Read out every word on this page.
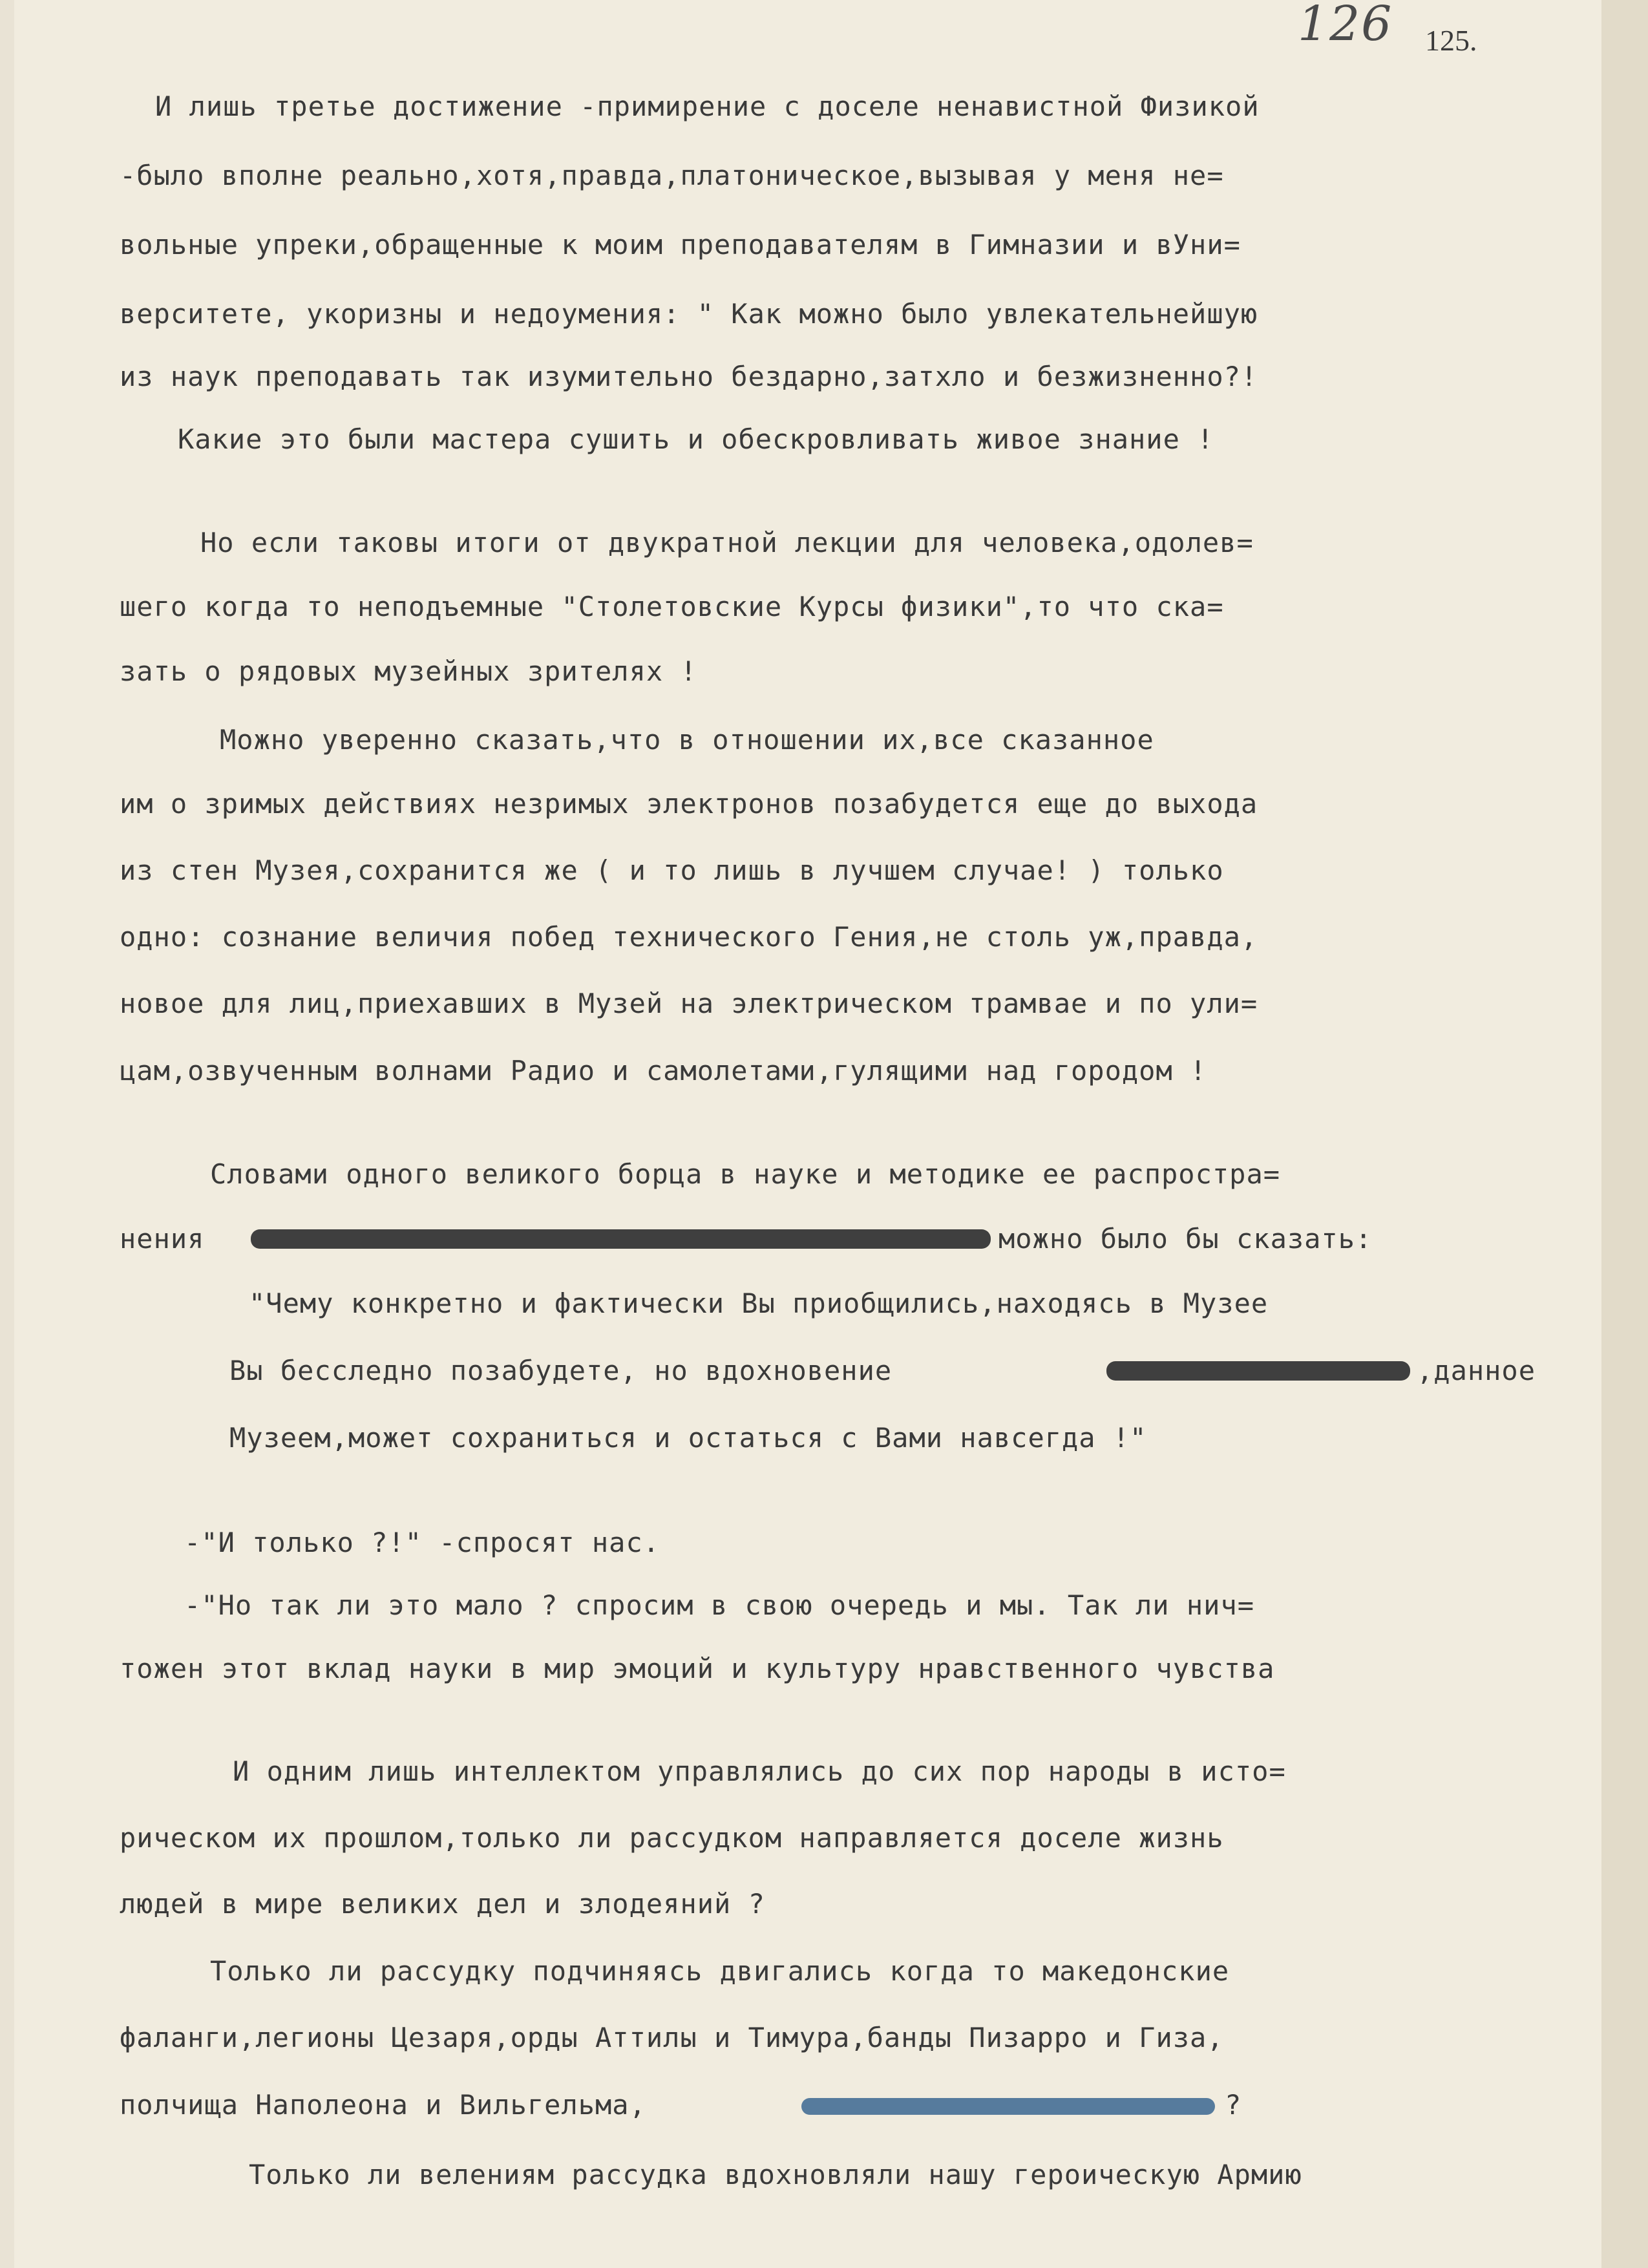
126 125.
И лишь третье достижение -примирение с доселе ненавистной Физикой
-было вполне реально,хотя,правда,платоническое,вызывая у меня не=
вольные упреки,обращенные к моим преподавателям в Гимназии и вУни=
верситете, укоризны и недоумения: " Как можно было увлекательнейшую
из наук преподавать так изумительно бездарно,затхло и безжизненно?!
Какие это были мастера сушить и обескровливать живое знание !
Но если таковы итоги от двукратной лекции для человека,одолев=
шего когда то неподъемные "Столетовские Курсы физики",то что ска=
зать о рядовых музейных зрителях !
Можно уверенно сказать,что в отношении их,все сказанное
им о зримых действиях незримых электронов позабудется еще до выхода
из стен Музея,сохранится же ( и то лишь в лучшем случае! ) только
одно: сознание величия побед технического Гения,не столь уж,правда,
новое для лиц,приехавших в Музей на электрическом трамвае и по ули=
цам,озвученным волнами Радио и самолетами,гулящими над городом !
Словами одного великого борца в науке и методике ее распростра=
нения	можно было бы сказать:
"Чему конкретно и фактически Вы приобщились,находясь в Музее
Вы бесследно позабудете, но вдохновение	,данное
Музеем,может сохраниться и остаться с Вами навсегда !"
-"И только ?!" -спросят нас.
-"Но так ли это мало ? спросим в свою очередь и мы. Так ли нич=
тожен этот вклад науки в мир эмоций и культуру нравственного чувства
И одним лишь интеллектом управлялись до сих пор народы в исто=
рическом их прошлом,только ли рассудком направляется доселе жизнь
людей в мире великих дел и злодеяний ?
Только ли рассудку подчиняясь двигались когда то македонские
фаланги,легионы Цезаря,орды Аттилы и Тимура,банды Пизарро и Гиза,
полчища Наполеона и Вильгельма,	?
Только ли велениям рассудка вдохновляли нашу героическую Армию
